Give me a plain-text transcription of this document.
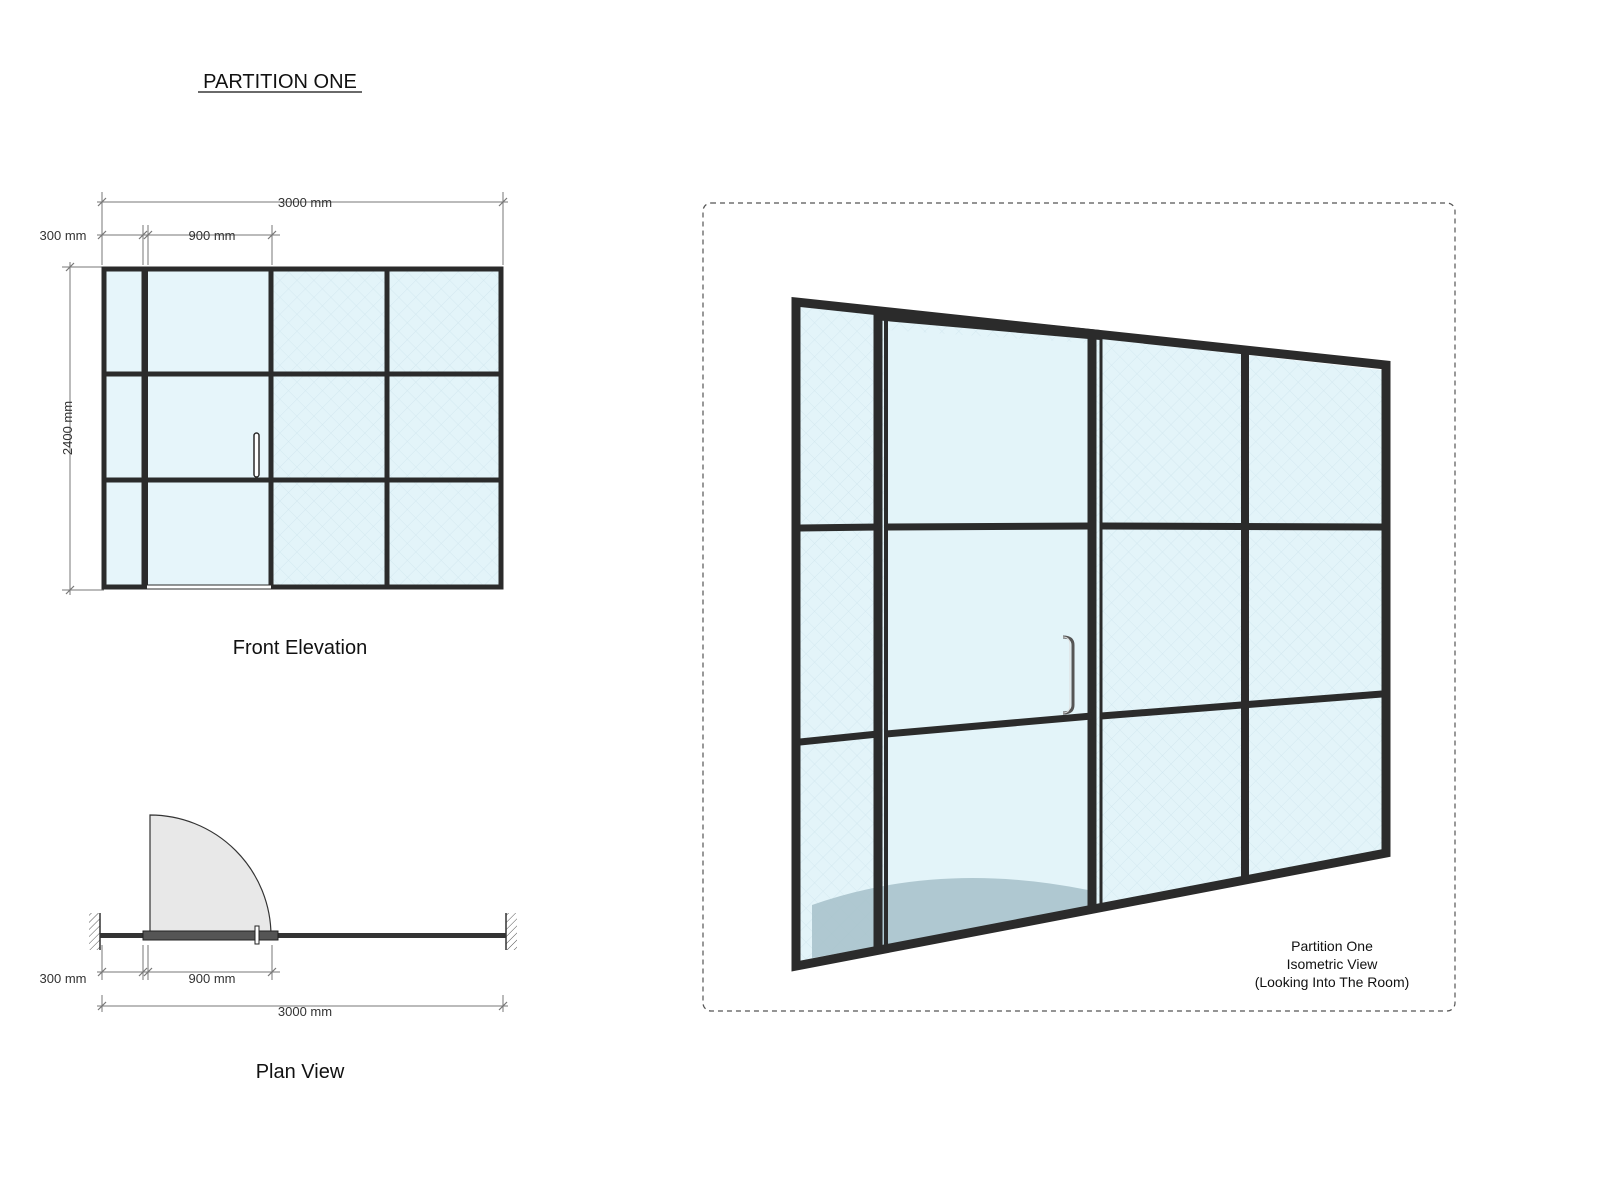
PARTITION ONE
3000 mm
300 mm	900 mm
2400 mm
Front Elevation
300 mm	900 mm
3000 mm
Plan View
Partition One
Isometric View
(Looking Into The Room)
